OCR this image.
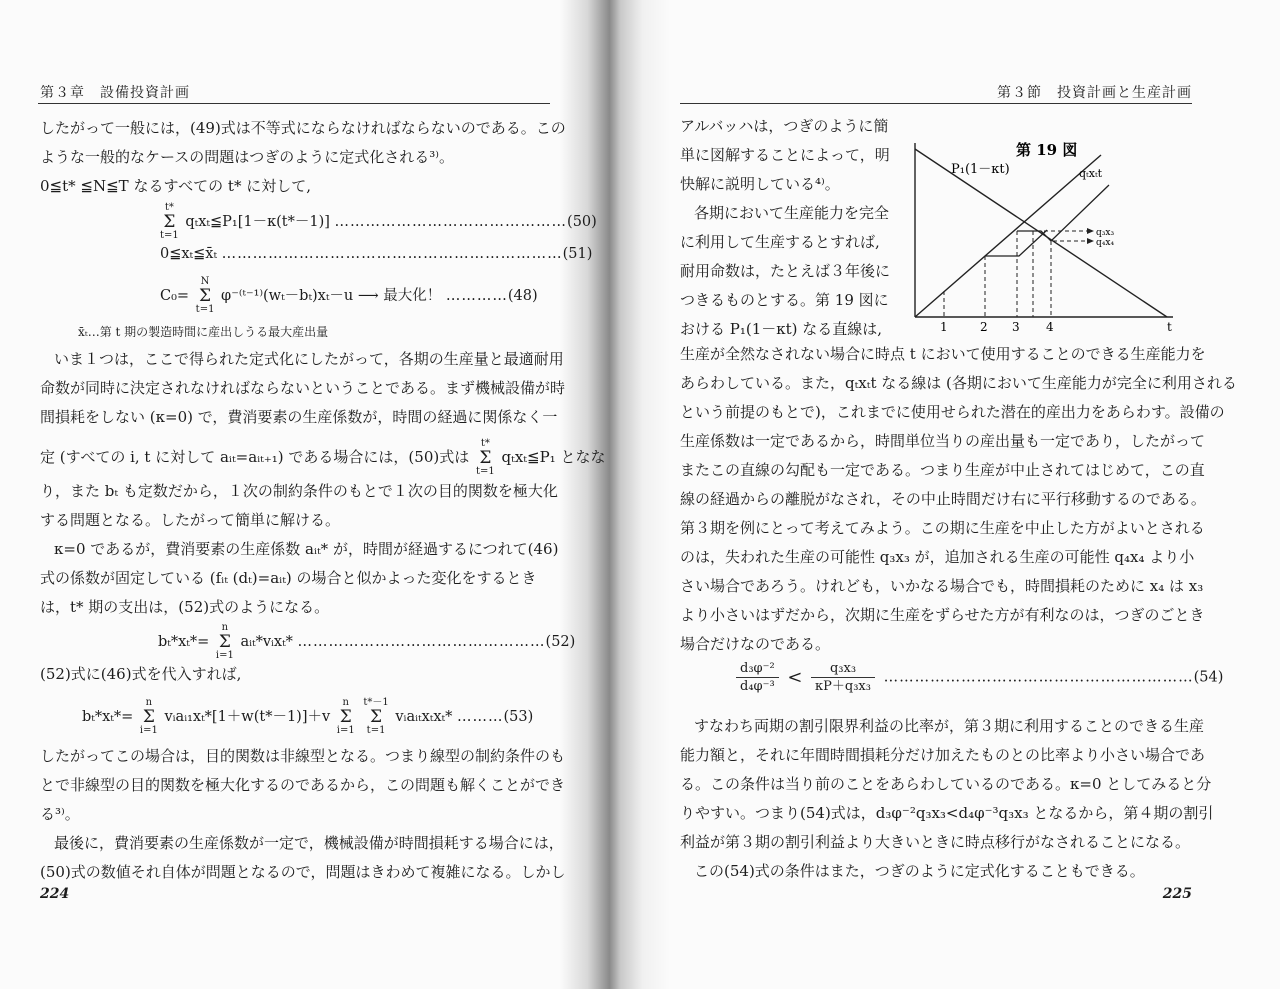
第３章　設備投資計画
したがって一般には，(49)式は不等式にならなければならないのである。この
ような一般的なケースの問題はつぎのように定式化される³⁾。
0≦t* ≦N≦T なるすべての t* に対して,
t*
Σ
t=1 qₜxₜ≦P₁[1－κ(t*－1)] ………………………………………(50)
0≦xₜ≦x̄ₜ …………………………………………………………(51)
C₀= N
Σ
t=1 φ⁻⁽ᵗ⁻¹⁾(wₜ－bₜ)xₜ－u ⟶ 最大化！ …………(48)
x̄ₜ…第 t 期の製造時間に産出しうる最大産出量
いま１つは，ここで得られた定式化にしたがって，各期の生産量と最適耐用
命数が同時に決定されなければならないということである。まず機械設備が時
間損耗をしない (κ=0) で，費消要素の生産係数が，時間の経過に関係なく一
定 (すべての i, t に対して aᵢₜ=aᵢₜ₊₁) である場合には，(50)式は t*
Σ
t=1 qₜxₜ≦P₁ となな
り，また bₜ も定数だから，１次の制約条件のもとで１次の目的関数を極大化
する問題となる。したがって簡単に解ける。
κ=0 であるが，費消要素の生産係数 aᵢₜ* が，時間が経過するにつれて(46)
式の係数が固定している (fᵢₜ (dₜ)=aᵢₜ) の場合と似かよった変化をするとき
は，t* 期の支出は，(52)式のようになる。
bₜ*xₜ*= n
Σ
i=1 aᵢₜ*vᵢxₜ* …………………………………………(52)
(52)式に(46)式を代入すれば,
bₜ*xₜ*= n
Σ
i=1 vᵢaᵢ₁xₜ*[1＋w(t*－1)]＋v n
Σ
i=1 t*－1
Σ
t=1 vᵢaᵢₜxₜxₜ* ………(53)
したがってこの場合は，目的関数は非線型となる。つまり線型の制約条件のも
とで非線型の目的関数を極大化するのであるから，この問題も解くことができ
る³⁾。
最後に，費消要素の生産係数が一定で，機械設備が時間損耗する場合には，
(50)式の数値それ自体が問題となるので，問題はきわめて複雑になる。しかし
224
第３節　投資計画と生産計画
アルバッハは，つぎのように簡
単に図解することによって，明
快解に説明している⁴⁾。
各期において生産能力を完全
に利用して生産するとすれば,
耐用命数は，たとえば３年後に
つきるものとする。第 19 図に
おける P₁(1－κt) なる直線は,
第 19 図
P₁(1－κt)	qₜxₜt
q₃x₃
q₄x₄
1	2 3 4	t
生産が全然なされない場合に時点 t において使用することのできる生産能力を
あらわしている。また，qₜxₜt なる線は (各期において生産能力が完全に利用される
という前提のもとで)，これまでに使用せられた潜在的産出力をあらわす。設備の
生産係数は一定であるから，時間単位当りの産出量も一定であり，したがって
またこの直線の勾配も一定である。つまり生産が中止されてはじめて，この直
線の経過からの離脱がなされ，その中止時間だけ右に平行移動するのである。
第３期を例にとって考えてみよう。この期に生産を中止した方がよいとされる
のは，失われた生産の可能性 q₃x₃ が，追加される生産の可能性 q₄x₄ より小
さい場合であろう。けれども，いかなる場合でも，時間損耗のために x₄ は x₃
より小さいはずだから，次期に生産をずらせた方が有利なのは，つぎのごとき
場合だけなのである。
$\frac{\text{d₃φ⁻²}}{\text{d₄φ⁻³}} < \frac{\text{q₃x₃}}{\text{κP＋q₃x₃}}$ ……………………………………………………(54)
すなわち両期の割引限界利益の比率が，第３期に利用することのできる生産
能力額と，それに年間時間損耗分だけ加えたものとの比率より小さい場合であ
る。この条件は当り前のことをあらわしているのである。κ=0 としてみると分
りやすい。つまり(54)式は，d₃φ⁻²q₃x₃<d₄φ⁻³q₃x₃ となるから，第４期の割引
利益が第３期の割引利益より大きいときに時点移行がなされることになる。
この(54)式の条件はまた，つぎのように定式化することもできる。
225
